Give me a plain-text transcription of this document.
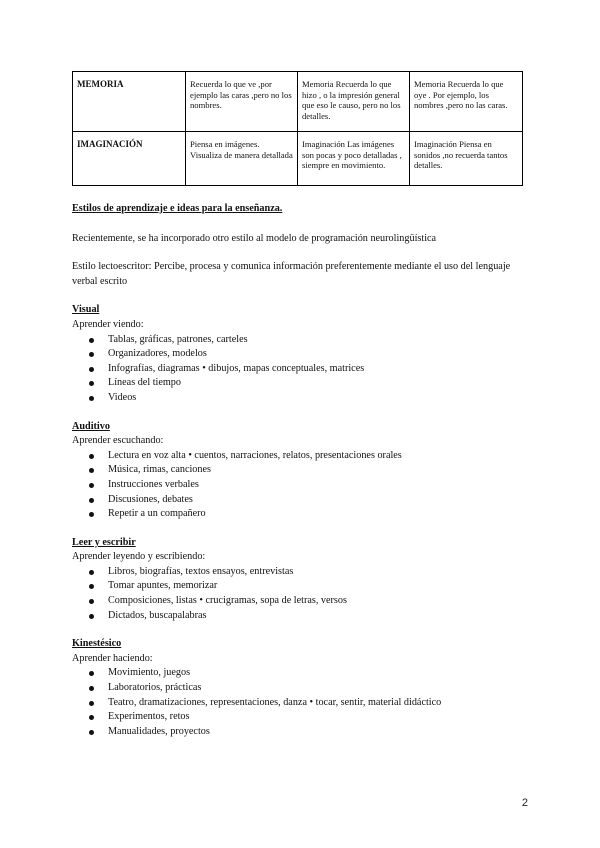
MEMORIA	Recuerda lo que ve ,por ejemplo las caras ,pero no los nombres.	Memoria Recuerda lo que hizo , o la impresión general que eso le causo, pero no los detalles.	Memoria Recuerda lo que oye . Por ejemplo, los nombres ,pero no las caras.
IMAGINACIÓN	Piensa en imágenes. Visualiza de manera detallada	Imaginación Las imágenes son pocas y poco detalladas , siempre en movimiento.	Imaginación Piensa en sonidos ,no recuerda tantos detalles.

Estilos de aprendizaje e ideas para la enseñanza.

Recientemente, se ha incorporado otro estilo al modelo de programación neurolingüística

Estilo lectoescritor: Percibe, procesa y comunica información preferentemente mediante el uso del lenguaje verbal escrito

Visual

Aprender viendo:

Tablas, gráficas, patrones, carteles
Organizadores, modelos
Infografías, diagramas • dibujos, mapas conceptuales, matrices
Líneas del tiempo
Videos

Auditivo

Aprender escuchando:

Lectura en voz alta • cuentos, narraciones, relatos, presentaciones orales
Música, rimas, canciones
Instrucciones verbales
Discusiones, debates
Repetir a un compañero

Leer y escribir

Aprender leyendo y escribiendo:

Libros, biografías, textos ensayos, entrevistas
Tomar apuntes, memorizar
Composiciones, listas • crucigramas, sopa de letras, versos
Dictados, buscapalabras

Kinestésico

Aprender haciendo:

Movimiento, juegos
Laboratorios, prácticas
Teatro, dramatizaciones, representaciones, danza • tocar, sentir, material didáctico
Experimentos, retos
Manualidades, proyectos
2
